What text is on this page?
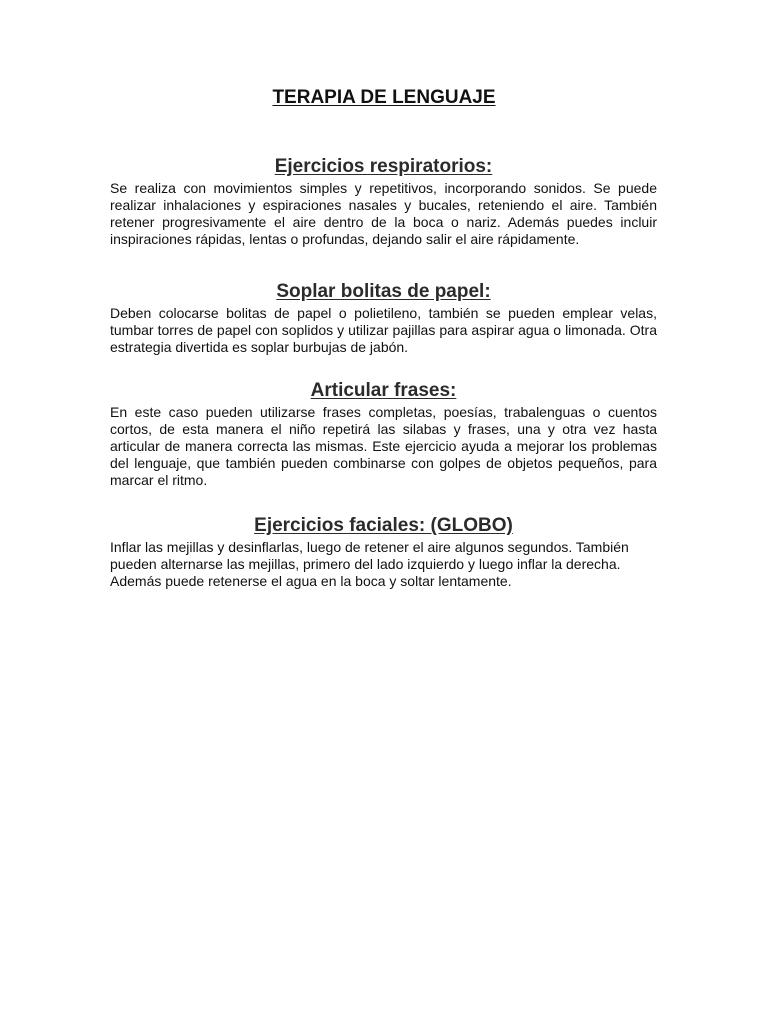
TERAPIA DE LENGUAJE
Ejercicios respiratorios:

Se realiza con movimientos simples y repetitivos, incorporando sonidos. Se puede realizar inhalaciones y espiraciones nasales y bucales, reteniendo el aire. También retener progresivamente el aire dentro de la boca o nariz. Además puedes incluir inspiraciones rápidas, lentas o profundas, dejando salir el aire rápidamente.

Soplar bolitas de papel:

Deben colocarse bolitas de papel o polietileno, también se pueden emplear velas, tumbar torres de papel con soplidos y utilizar pajillas para aspirar agua o limonada. Otra estrategia divertida es soplar burbujas de jabón.

Articular frases:

En este caso pueden utilizarse frases completas, poesías, trabalenguas o cuentos cortos, de esta manera el niño repetirá las silabas y frases, una y otra vez hasta articular de manera correcta las mismas. Este ejercicio ayuda a mejorar los problemas del lenguaje, que también pueden combinarse con golpes de objetos pequeños, para marcar el ritmo.

Ejercicios faciales: (GLOBO)

Inflar las mejillas y desinflarlas, luego de retener el aire algunos segundos. También pueden alternarse las mejillas, primero del lado izquierdo y luego inflar la derecha. Además puede retenerse el agua en la boca y soltar lentamente.
